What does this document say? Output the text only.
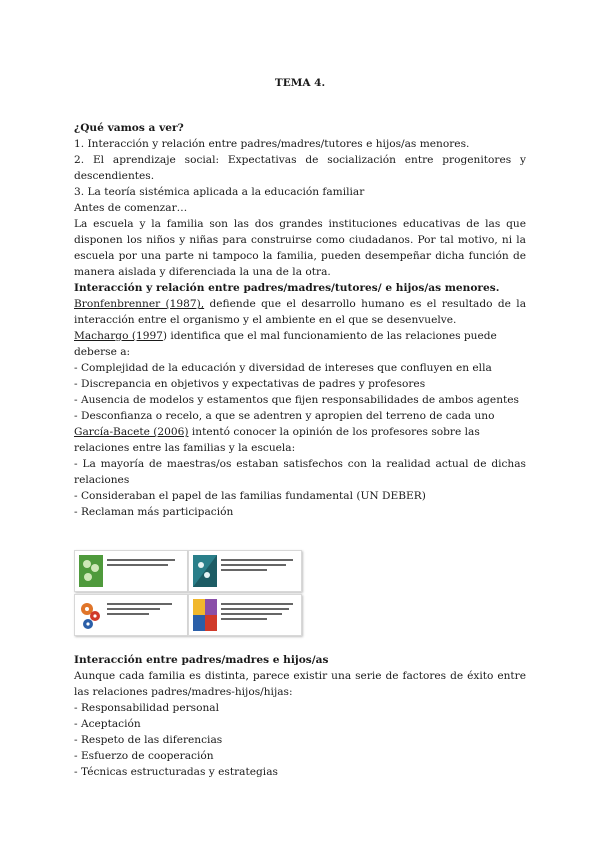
TEMA 4.

¿Qué vamos a ver?

1. Interacción y relación entre padres/madres/tutores e hijos/as menores.

2. El aprendizaje social: Expectativas de socialización entre progenitores y descendientes.

3. La teoría sistémica aplicada a la educación familiar

Antes de comenzar…

La escuela y la familia son las dos grandes instituciones educativas de las que disponen los niños y niñas para construirse como ciudadanos. Por tal motivo, ni la escuela por una parte ni tampoco la familia, pueden desempeñar dicha función de manera aislada y diferenciada la una de la otra.

Interacción y relación entre padres/madres/tutores/ e hijos/as menores.

Bronfenbrenner (1987), defiende que el desarrollo humano es el resultado de la interacción entre el organismo y el ambiente en el que se desenvuelve.

Machargo (1997) identifica que el mal funcionamiento de las relaciones puede deberse a:

- Complejidad de la educación y diversidad de intereses que confluyen en ella

- Discrepancia en objetivos y expectativas de padres y profesores

- Ausencia de modelos y estamentos que fijen responsabilidades de ambos agentes

- Desconfianza o recelo, a que se adentren y apropien del terreno de cada uno

García-Bacete (2006) intentó conocer la opinión de los profesores sobre las relaciones entre las familias y la escuela:

- La mayoría de maestras/os estaban satisfechos con la realidad actual de dichas relaciones

- Consideraban el papel de las familias fundamental (UN DEBER)

- Reclaman más participación

Interacción entre padres/madres e hijos/as

Aunque cada familia es distinta, parece existir una serie de factores de éxito entre las relaciones padres/madres-hijos/hijas:

- Responsabilidad personal

- Aceptación

- Respeto de las diferencias

- Esfuerzo de cooperación

- Técnicas estructuradas y estrategias
